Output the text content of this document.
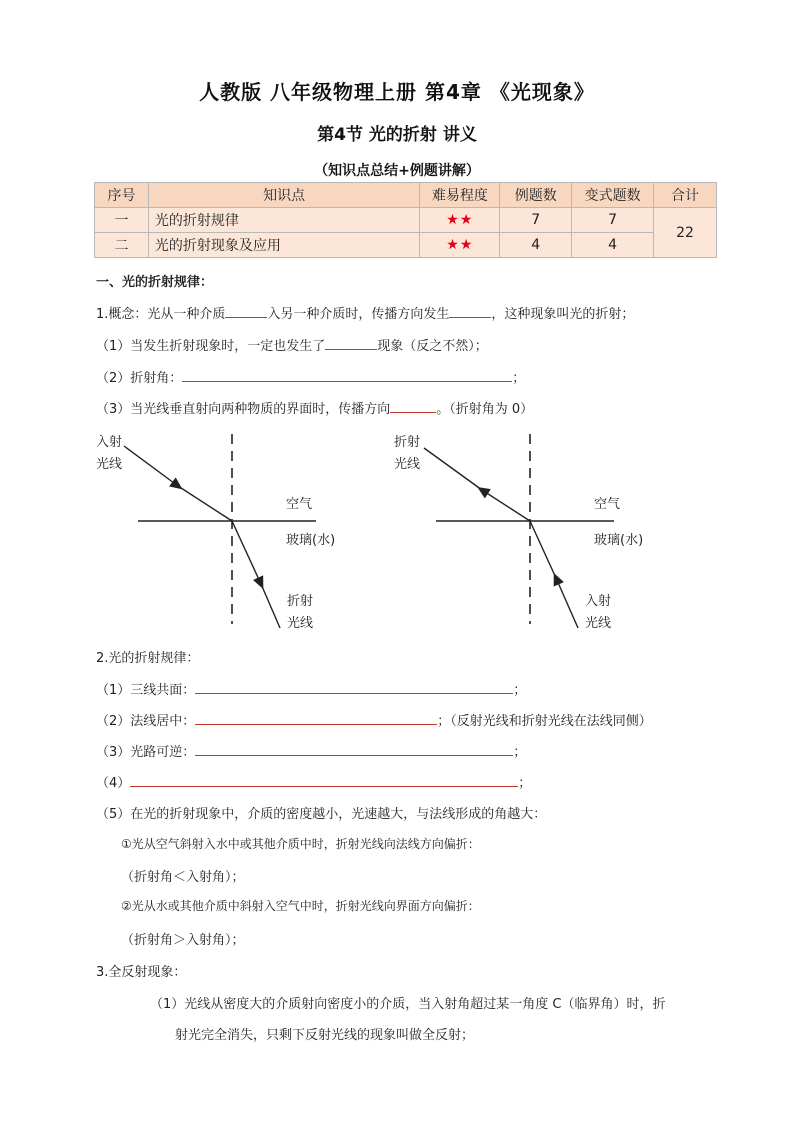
人教版 八年级物理上册 第4章 《光现象》
第4节 光的折射 讲义
（知识点总结+例题讲解）
序号	知识点	难易程度	例题数	变式题数	合计
一	光的折射规律	★★	7	7	22
二	光的折射现象及应用	★★	4	4	
一、光的折射规律：
1.概念：光从一种介质	入另一种介质时，传播方向发生	，这种现象叫光的折射；
（1）当发生折射现象时，一定也发生了	现象（反之不然）；
（2）折射角：	；
（3）当光线垂直射向两种物质的界面时，传播方向	。（折射角为 0）
入射
光线
空气
玻璃(水)
折射
光线
折射
光线
空气
玻璃(水)
入射
光线
2.光的折射规律：
（1）三线共面：	；
（2）法线居中：	；（反射光线和折射光线在法线同侧）
（3）光路可逆：	；
（4）	；
（5）在光的折射现象中，介质的密度越小，光速越大，与法线形成的角越大：
①光从空气斜射入水中或其他介质中时，折射光线向法线方向偏折：
（折射角＜入射角）；
②光从水或其他介质中斜射入空气中时，折射光线向界面方向偏折：
（折射角＞入射角）；
3.全反射现象：
（1）光线从密度大的介质射向密度小的介质，当入射角超过某一角度 C（临界角）时，折
射光完全消失，只剩下反射光线的现象叫做全反射；
